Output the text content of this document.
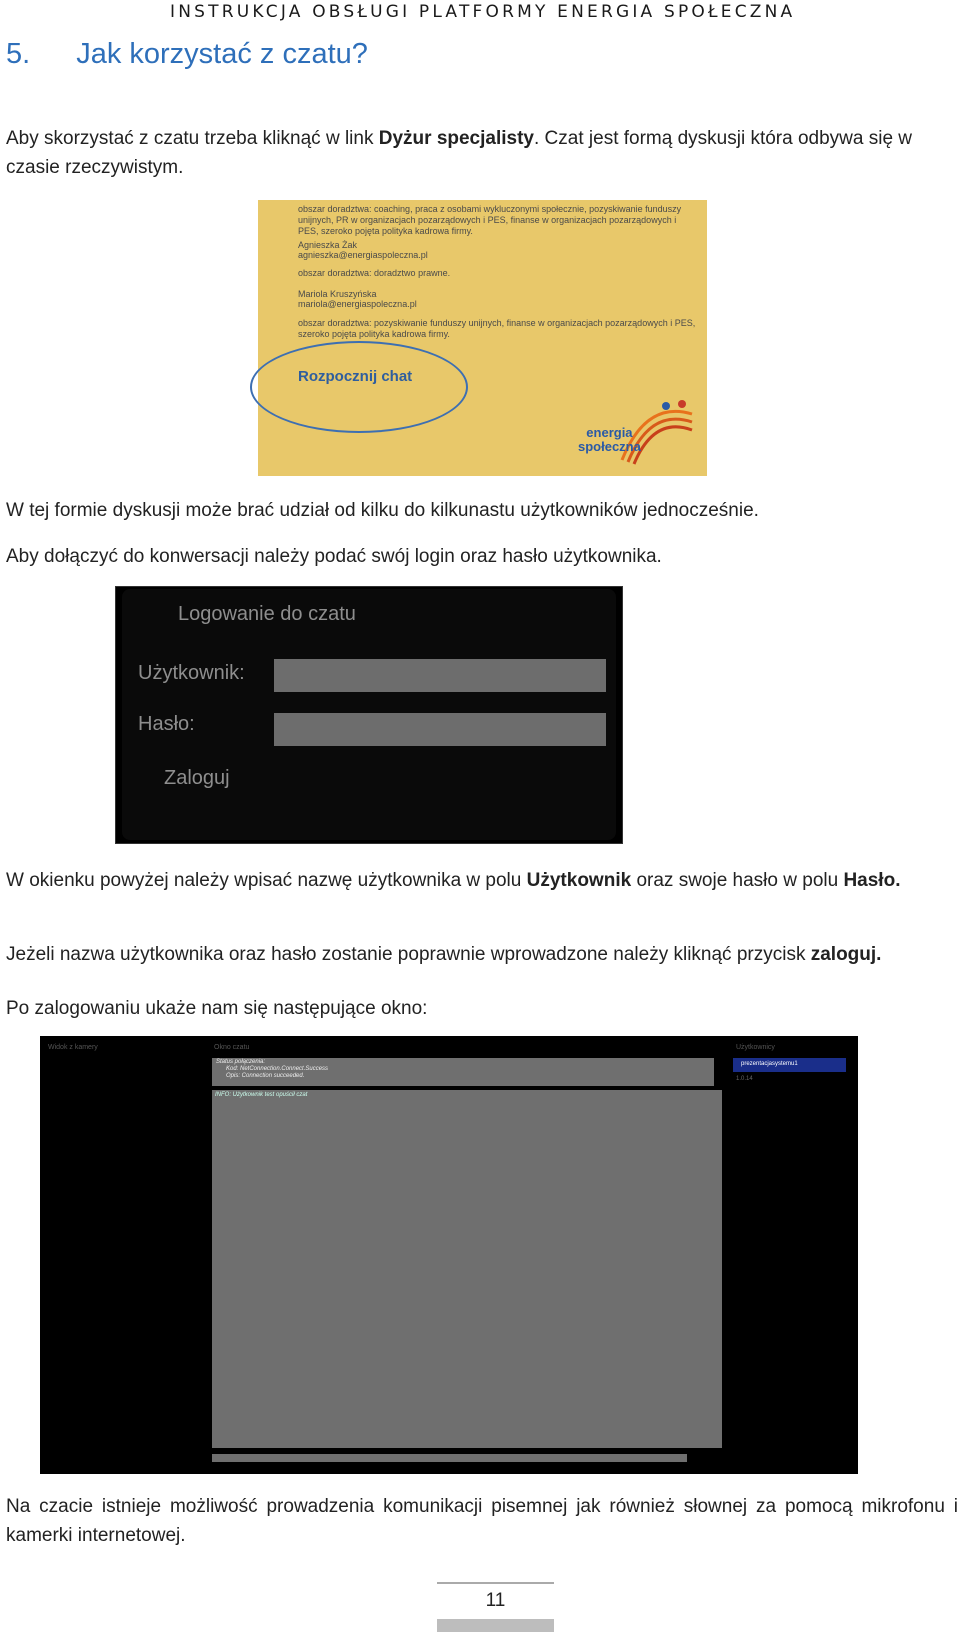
INSTRUKCJA OBSŁUGI PLATFORMY ENERGIA SPOŁECZNA
5. Jak korzystać z czatu?
Aby skorzystać z czatu trzeba kliknąć w link Dyżur specjalisty. Czat jest formą dyskusji która odbywa się w czasie rzeczywistym.
obszar doradztwa: coaching, praca z osobami wykluczonymi społecznie, pozyskiwanie funduszy unijnych, PR w organizacjach pozarządowych i PES, finanse w organizacjach pozarządowych i PES, szeroko pojęta polityka kadrowa firmy.
Agnieszka Żak
agnieszka@energiaspoleczna.pl
obszar doradztwa: doradztwo prawne.
Mariola Kruszyńska
mariola@energiaspoleczna.pl
obszar doradztwa: pozyskiwanie funduszy unijnych, finanse w organizacjach pozarządowych i PES, szeroko pojęta polityka kadrowa firmy.
Rozpocznij chat
energia
społeczna
W tej formie dyskusji może brać udział od kilku do kilkunastu użytkowników jednocześnie.
Aby dołączyć do konwersacji należy podać swój login oraz hasło użytkownika.
Logowanie do czatu
Użytkownik:
Hasło:
Zaloguj
W okienku powyżej należy wpisać nazwę użytkownika w polu Użytkownik oraz swoje hasło w polu Hasło.
Jeżeli nazwa użytkownika oraz hasło zostanie poprawnie wprowadzone należy kliknąć przycisk zaloguj.
Po zalogowaniu ukaże nam się następujące okno:
Widok z kamery	Okno czatu	Użytkownicy
Status połączenia:
Kod: NetConnection.Connect.Success
Opis: Connection succeeded.
INFO: Użytkownik test opuścił czat
prezentacjasystemu1
1.0.14
Na czacie istnieje możliwość prowadzenia komunikacji pisemnej jak również słownej za pomocą mikrofonu i kamerki internetowej.
11
